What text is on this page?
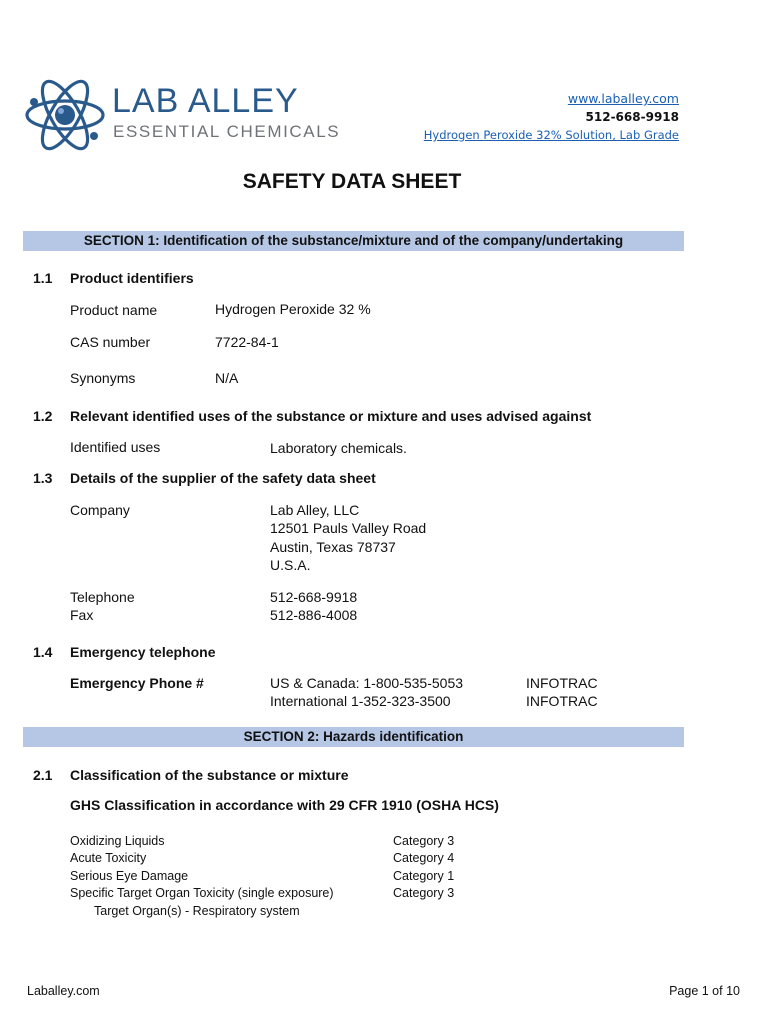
LAB ALLEY
ESSENTIAL CHEMICALS
www.laballey.com
512-668-9918
Hydrogen Peroxide 32% Solution, Lab Grade
SAFETY DATA SHEET
SECTION 1: Identification of the substance/mixture and of the company/undertaking
1.1 Product identifiers
Product name	Hydrogen Peroxide 32 %
CAS number	7722-84-1
Synonyms	N/A
1.2 Relevant identified uses of the substance or mixture and uses advised against
Identified uses	Laboratory chemicals.
1.3 Details of the supplier of the safety data sheet
Company	Lab Alley, LLC
12501 Pauls Valley Road
Austin, Texas 78737
U.S.A.
Telephone	512-668-9918
Fax	512-886-4008
1.4 Emergency telephone
Emergency Phone #	US & Canada: 1-800-535-5053	INFOTRAC
International 1-352-323-3500	INFOTRAC
SECTION 2: Hazards identification
2.1 Classification of the substance or mixture
GHS Classification in accordance with 29 CFR 1910 (OSHA HCS)
Oxidizing Liquids	Category 3
Acute Toxicity	Category 4
Serious Eye Damage	Category 1
Specific Target Organ Toxicity (single exposure)	Category 3
Target Organ(s) - Respiratory system
Laballey.com	Page 1 of 10
